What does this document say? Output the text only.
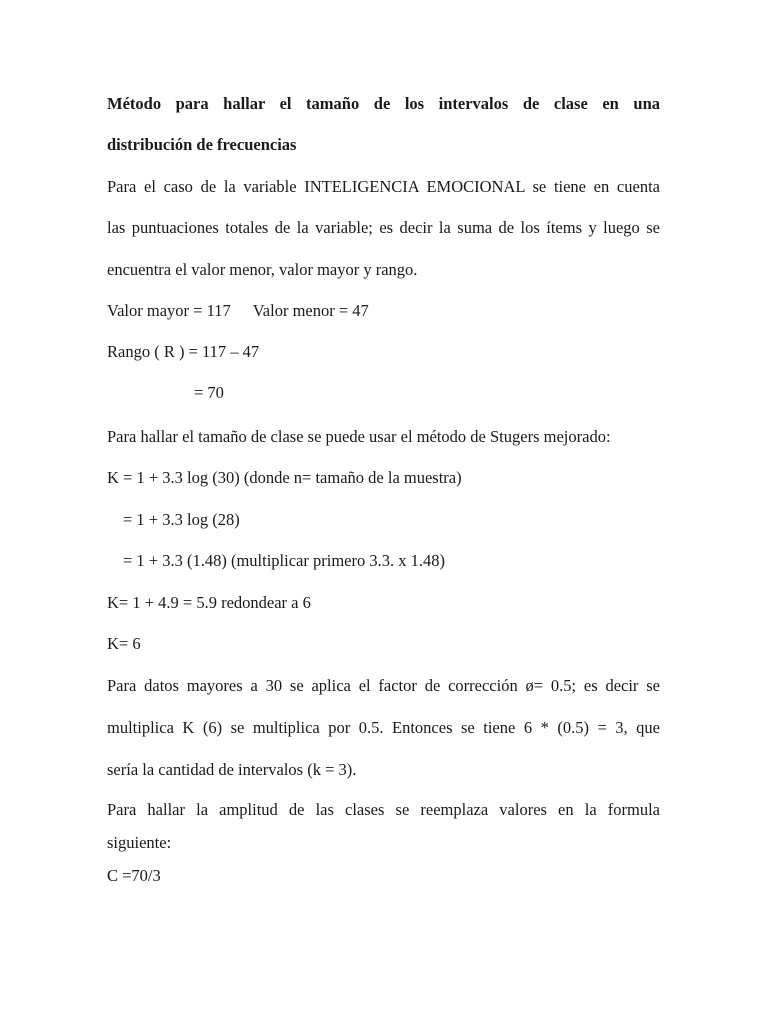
Método para hallar el tamaño de los intervalos de clase en una
distribución de frecuencias
Para el caso de la variable INTELIGENCIA EMOCIONAL se tiene en cuenta
las puntuaciones totales de la variable; es decir la suma de los ítems y luego se
encuentra el valor menor, valor mayor y rango.
Valor mayor = 117 Valor menor = 47
Rango ( R ) = 117 – 47
= 70
Para hallar el tamaño de clase se puede usar el método de Stugers mejorado:
K = 1 + 3.3 log (30) (donde n= tamaño de la muestra)
= 1 + 3.3 log (28)
= 1 + 3.3 (1.48) (multiplicar primero 3.3. x 1.48)
K= 1 + 4.9 = 5.9 redondear a 6
K= 6
Para datos mayores a 30 se aplica el factor de corrección ø= 0.5; es decir se
multiplica K (6) se multiplica por 0.5. Entonces se tiene 6 * (0.5) = 3, que
sería la cantidad de intervalos (k = 3).
Para hallar la amplitud de las clases se reemplaza valores en la formula
siguiente:
C =70/3
